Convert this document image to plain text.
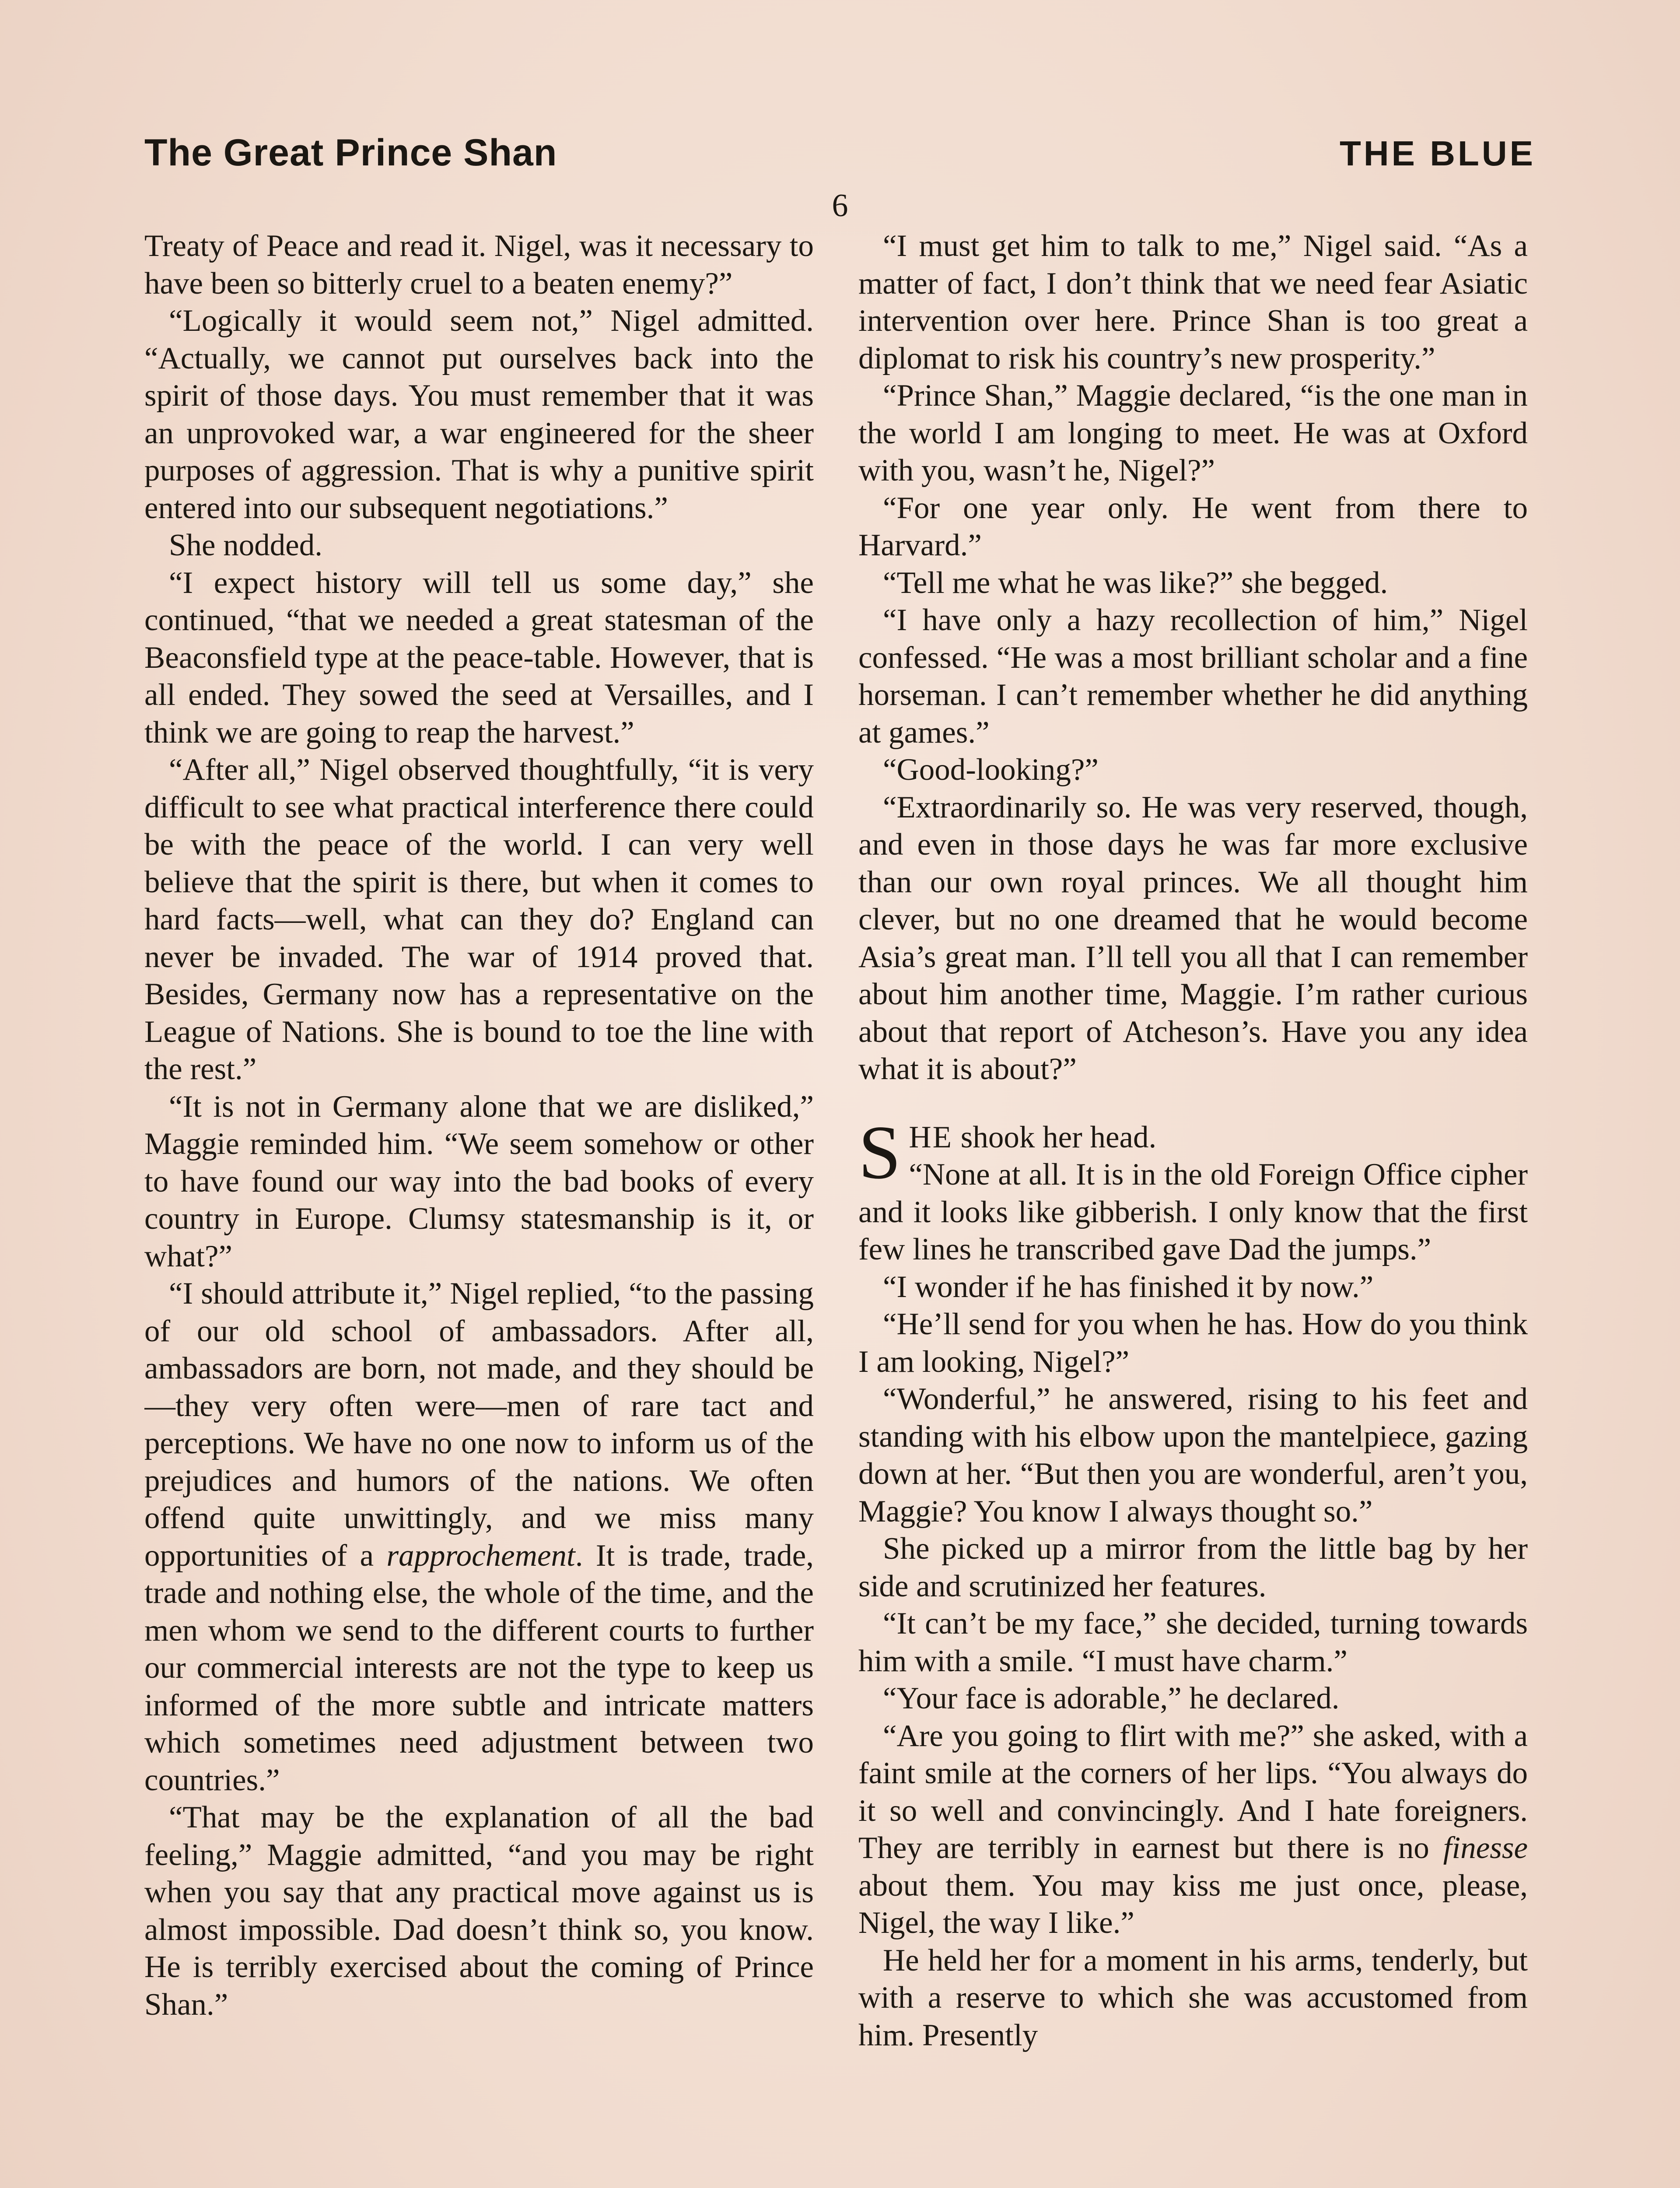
The Great Prince Shan	THE BLUE
6

Treaty of Peace and read it. Nigel, was it necessary to have been so bitterly cruel to a beaten enemy?”

“Logically it would seem not,” Nigel admitted. “Actually, we cannot put ourselves back into the spirit of those days. You must remember that it was an unprovoked war, a war engineered for the sheer purposes of aggression. That is why a punitive spirit entered into our subsequent negotiations.”

She nodded.

“I expect history will tell us some day,” she continued, “that we needed a great statesman of the Beaconsfield type at the peace-table. However, that is all ended. They sowed the seed at Versailles, and I think we are going to reap the harvest.”

“After all,” Nigel observed thoughtfully, “it is very difficult to see what practical interference there could be with the peace of the world. I can very well believe that the spirit is there, but when it comes to hard facts—well, what can they do? England can never be invaded. The war of 1914 proved that. Besides, Germany now has a representative on the League of Nations. She is bound to toe the line with the rest.”

“It is not in Germany alone that we are disliked,” Maggie reminded him. “We seem somehow or other to have found our way into the bad books of every country in Europe. Clumsy statesmanship is it, or what?”

“I should attribute it,” Nigel replied, “to the passing of our old school of ambassadors. After all, ambassadors are born, not made, and they should be—they very often were—men of rare tact and perceptions. We have no one now to inform us of the prejudices and humors of the nations. We often offend quite unwittingly, and we miss many opportunities of a rapprochement. It is trade, trade, trade and nothing else, the whole of the time, and the men whom we send to the different courts to further our commercial interests are not the type to keep us informed of the more subtle and intricate matters which sometimes need adjustment between two countries.”

“That may be the explanation of all the bad feeling,” Maggie admitted, “and you may be right when you say that any practical move against us is almost impossible. Dad doesn’t think so, you know. He is terribly exercised about the coming of Prince Shan.”

“I must get him to talk to me,” Nigel said. “As a matter of fact, I don’t think that we need fear Asiatic intervention over here. Prince Shan is too great a diplomat to risk his country’s new prosperity.”

“Prince Shan,” Maggie declared, “is the one man in the world I am longing to meet. He was at Oxford with you, wasn’t he, Nigel?”

“For one year only. He went from there to Harvard.”

“Tell me what he was like?” she begged.

“I have only a hazy recollection of him,” Nigel confessed. “He was a most brilliant scholar and a fine horseman. I can’t remember whether he did anything at games.”

“Good-looking?”

“Extraordinarily so. He was very reserved, though, and even in those days he was far more exclusive than our own royal princes. We all thought him clever, but no one dreamed that he would become Asia’s great man. I’ll tell you all that I can remember about him another time, Maggie. I’m rather curious about that report of Atcheson’s. Have you any idea what it is about?”

SHE shook her head.
“None at all. It is in the old Foreign Office cipher and it looks like gibberish. I only know that the first few lines he transcribed gave Dad the jumps.”

“I wonder if he has finished it by now.”

“He’ll send for you when he has. How do you think I am looking, Nigel?”

“Wonderful,” he answered, rising to his feet and standing with his elbow upon the mantelpiece, gazing down at her. “But then you are wonderful, aren’t you, Maggie? You know I always thought so.”

She picked up a mirror from the little bag by her side and scrutinized her features.

“It can’t be my face,” she decided, turning towards him with a smile. “I must have charm.”

“Your face is adorable,” he declared.

“Are you going to flirt with me?” she asked, with a faint smile at the corners of her lips. “You always do it so well and convincingly. And I hate foreigners. They are terribly in earnest but there is no finesse about them. You may kiss me just once, please, Nigel, the way I like.”

He held her for a moment in his arms, tenderly, but with a reserve to which she was accustomed from him. Presently
